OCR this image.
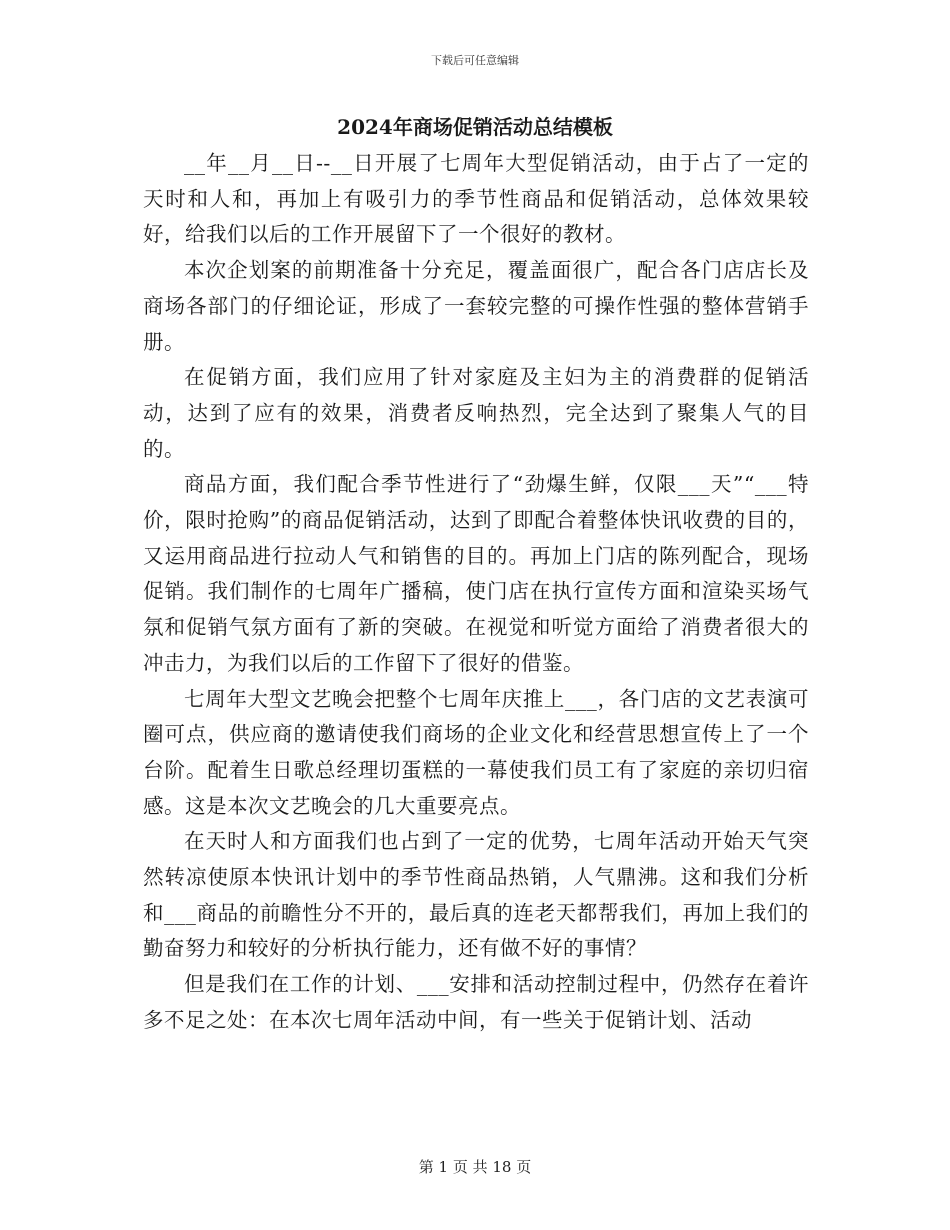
下载后可任意编辑
2024年商场促销活动总结模板

__年__月__日--__日开展了七周年大型促销活动，由于占了一定的天时和人和，再加上有吸引力的季节性商品和促销活动，总体效果较好，给我们以后的工作开展留下了一个很好的教材。

本次企划案的前期准备十分充足，覆盖面很广，配合各门店店长及商场各部门的仔细论证，形成了一套较完整的可操作性强的整体营销手册。

在促销方面，我们应用了针对家庭及主妇为主的消费群的促销活动，达到了应有的效果，消费者反响热烈，完全达到了聚集人气的目的。

商品方面，我们配合季节性进行了“劲爆生鲜，仅限___天”“___特价，限时抢购”的商品促销活动，达到了即配合着整体快讯收费的目的，又运用商品进行拉动人气和销售的目的。再加上门店的陈列配合，现场促销。我们制作的七周年广播稿，使门店在执行宣传方面和渲染买场气氛和促销气氛方面有了新的突破。在视觉和听觉方面给了消费者很大的冲击力，为我们以后的工作留下了很好的借鉴。

七周年大型文艺晚会把整个七周年庆推上___，各门店的文艺表演可圈可点，供应商的邀请使我们商场的企业文化和经营思想宣传上了一个台阶。配着生日歌总经理切蛋糕的一幕使我们员工有了家庭的亲切归宿感。这是本次文艺晚会的几大重要亮点。

在天时人和方面我们也占到了一定的优势，七周年活动开始天气突然转凉使原本快讯计划中的季节性商品热销，人气鼎沸。这和我们分析和___商品的前瞻性分不开的，最后真的连老天都帮我们，再加上我们的勤奋努力和较好的分析执行能力，还有做不好的事情？

但是我们在工作的计划、___安排和活动控制过程中，仍然存在着许多不足之处：在本次七周年活动中间，有一些关于促销计划、活动

第 1 页 共 18 页
